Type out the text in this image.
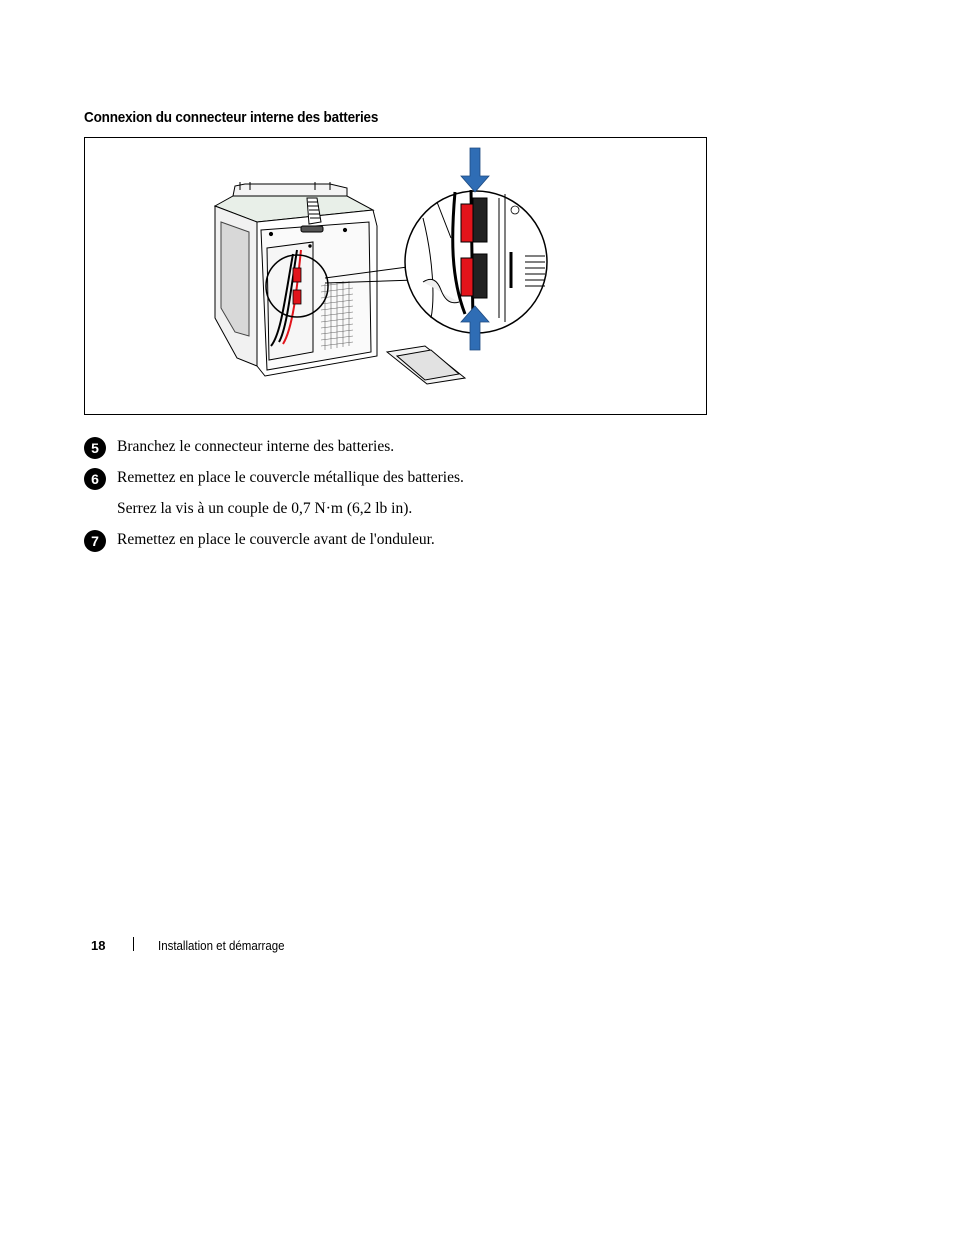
Connexion du connecteur interne des batteries
5	Branchez le connecteur interne des batteries.
6	Remettez en place le couvercle métallique des batteries.
Serrez la vis à un couple de 0,7 N·m (6,2 lb in).
7	Remettez en place le couvercle avant de l'onduleur.
18	Installation et démarrage
